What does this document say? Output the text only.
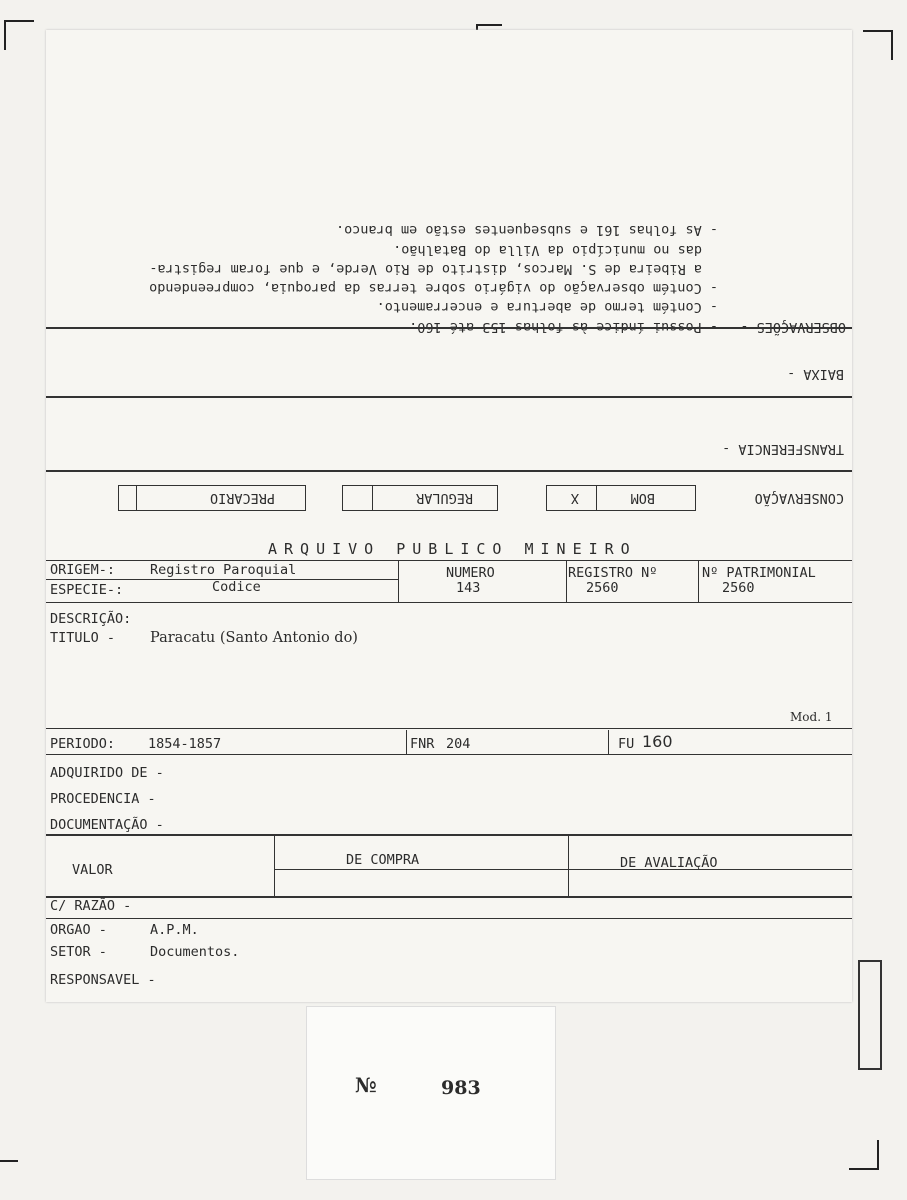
OBSERVAÇÕES -
- Possui índice às folhas 153 até 160.
- Contém termo de abertura e encerramento.
- Contém observação do vigário sobre terras da paroquia, compreendendo
a Ribeira de S. Marcos, distrito de Rio Verde, e que foram registra-
das no município da Villa do Batalhão.
- As folhas 161 e subsequentes estão em branco.
BAIXA -
TRANSFERENCIA -
CONSERVAÇÃO
BOM
X
REGULAR
PRECARIO
ARQUIVO PUBLICO MINEIRO
ORIGEM-:	Registro Paroquial
ESPECIE-:	Codice
NUMERO
143
REGISTRO Nº
2560
Nº PATRIMONIAL
2560
DESCRIÇÃO:
TITULO - Paracatu (Santo Antonio do)
Mod. 1
PERIODO: 1854-1857	FNR 204	FU 160
ADQUIRIDO DE -
PROCEDENCIA -
DOCUMENTAÇÃO -
VALOR
DE COMPRA	DE AVALIAÇÃO
C/ RAZÃO -
ORGAO -	A.P.M.
SETOR -	Documentos.
RESPONSAVEL -
№	983
